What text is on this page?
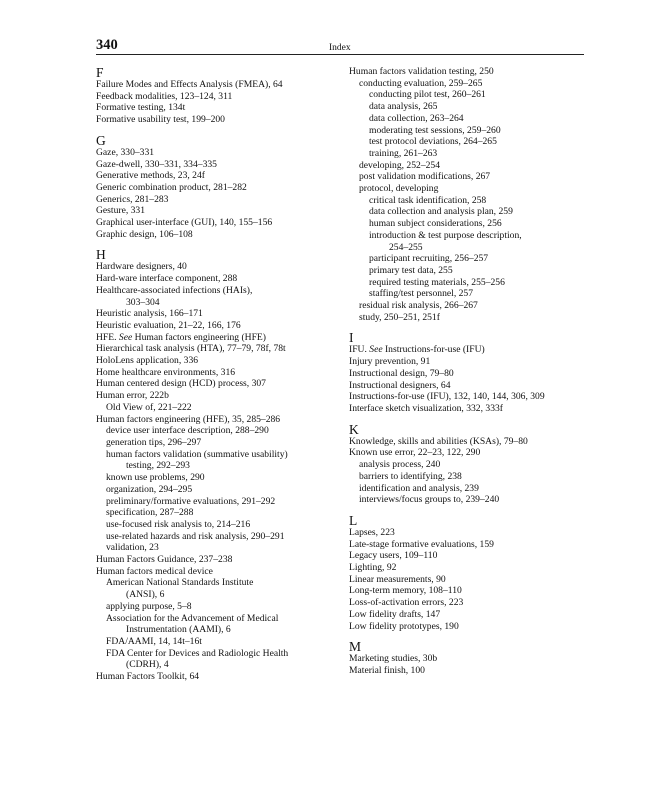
340	Index
F
Failure Modes and Effects Analysis (FMEA), 64
Feedback modalities, 123–124, 311
Formative testing, 134t
Formative usability test, 199–200
G
Gaze, 330–331
Gaze-dwell, 330–331, 334–335
Generative methods, 23, 24f
Generic combination product, 281–282
Generics, 281–283
Gesture, 331
Graphical user-interface (GUI), 140, 155–156
Graphic design, 106–108
H
Hardware designers, 40
Hard-ware interface component, 288
Healthcare-associated infections (HAIs),
303–304
Heuristic analysis, 166–171
Heuristic evaluation, 21–22, 166, 176
HFE. See Human factors engineering (HFE)
Hierarchical task analysis (HTA), 77–79, 78f, 78t
HoloLens application, 336
Home healthcare environments, 316
Human centered design (HCD) process, 307
Human error, 222b
Old View of, 221–222
Human factors engineering (HFE), 35, 285–286
device user interface description, 288–290
generation tips, 296–297
human factors validation (summative usability)
testing, 292–293
known use problems, 290
organization, 294–295
preliminary/formative evaluations, 291–292
specification, 287–288
use-focused risk analysis to, 214–216
use-related hazards and risk analysis, 290–291
validation, 23
Human Factors Guidance, 237–238
Human factors medical device
American National Standards Institute
(ANSI), 6
applying purpose, 5–8
Association for the Advancement of Medical
Instrumentation (AAMI), 6
FDA/AAMI, 14, 14t–16t
FDA Center for Devices and Radiologic Health
(CDRH), 4
Human Factors Toolkit, 64
Human factors validation testing, 250
conducting evaluation, 259–265
conducting pilot test, 260–261
data analysis, 265
data collection, 263–264
moderating test sessions, 259–260
test protocol deviations, 264–265
training, 261–263
developing, 252–254
post validation modifications, 267
protocol, developing
critical task identification, 258
data collection and analysis plan, 259
human subject considerations, 256
introduction & test purpose description,
254–255
participant recruiting, 256–257
primary test data, 255
required testing materials, 255–256
staffing/test personnel, 257
residual risk analysis, 266–267
study, 250–251, 251f
I
IFU. See Instructions-for-use (IFU)
Injury prevention, 91
Instructional design, 79–80
Instructional designers, 64
Instructions-for-use (IFU), 132, 140, 144, 306, 309
Interface sketch visualization, 332, 333f
K
Knowledge, skills and abilities (KSAs), 79–80
Known use error, 22–23, 122, 290
analysis process, 240
barriers to identifying, 238
identification and analysis, 239
interviews/focus groups to, 239–240
L
Lapses, 223
Late-stage formative evaluations, 159
Legacy users, 109–110
Lighting, 92
Linear measurements, 90
Long-term memory, 108–110
Loss-of-activation errors, 223
Low fidelity drafts, 147
Low fidelity prototypes, 190
M
Marketing studies, 30b
Material finish, 100
